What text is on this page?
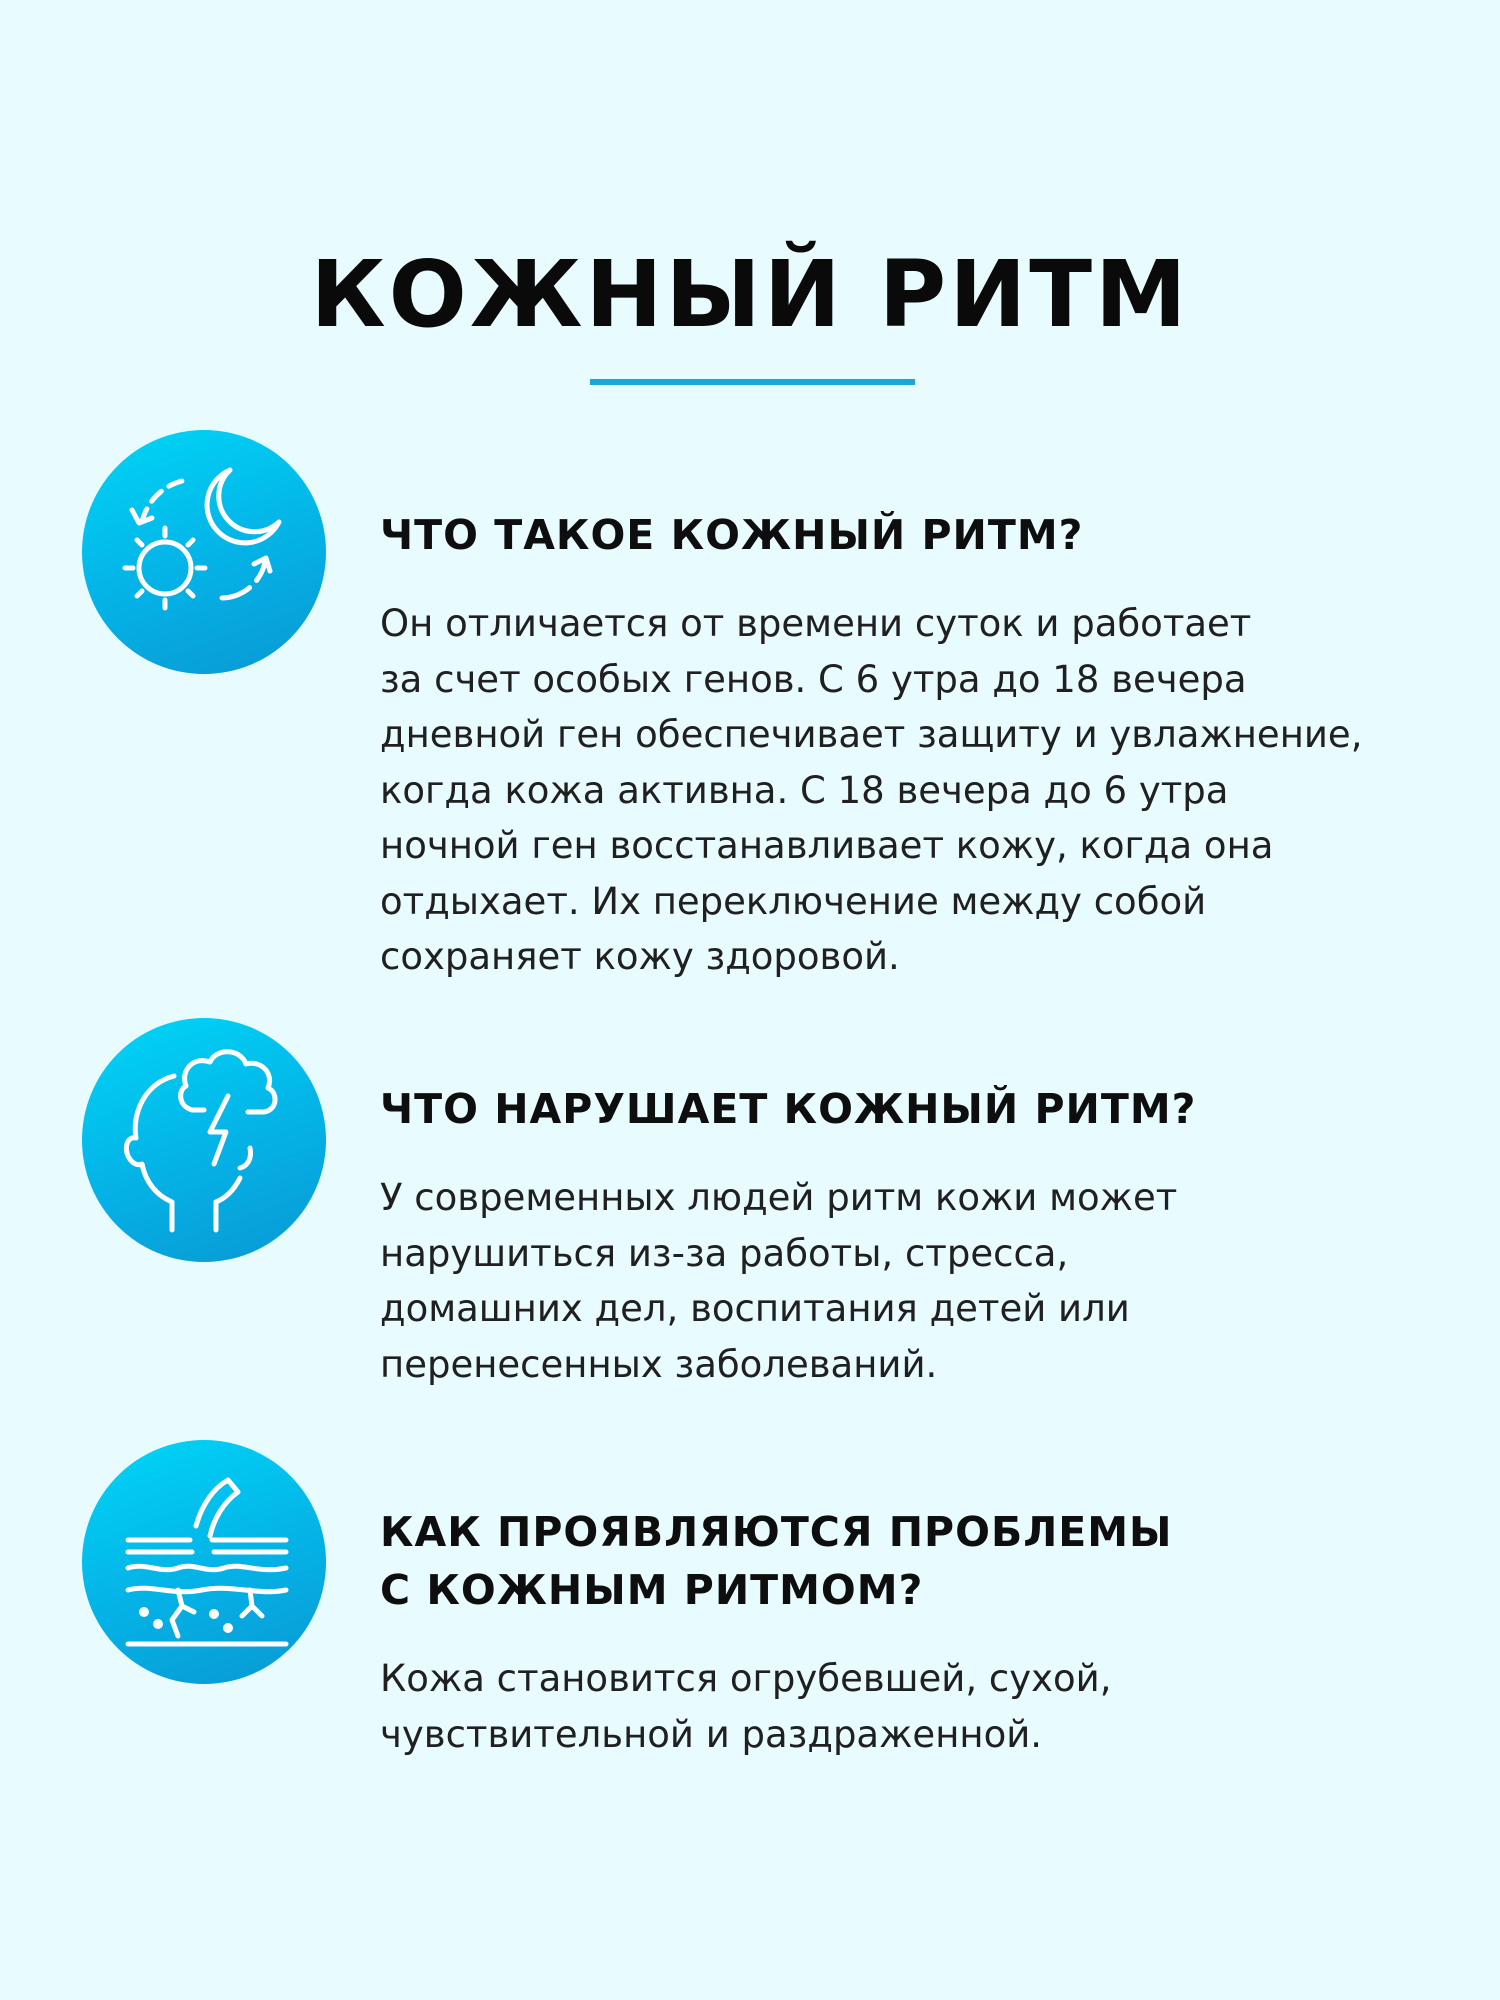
КОЖНЫЙ РИТМ
ЧТО ТАКОЕ КОЖНЫЙ РИТМ?

Он отличается от времени суток и работает
за счет особых генов. С 6 утра до 18 вечера
дневной ген обеспечивает защиту и увлажнение,
когда кожа активна. С 18 вечера до 6 утра
ночной ген восстанавливает кожу, когда она
отдыхает. Их переключение между собой
сохраняет кожу здоровой.

ЧТО НАРУШАЕТ КОЖНЫЙ РИТМ?

У современных людей ритм кожи может
нарушиться из-за работы, стресса,
домашних дел, воспитания детей или
перенесенных заболеваний.

КАК ПРОЯВЛЯЮТСЯ ПРОБЛЕМЫ
С КОЖНЫМ РИТМОМ?

Кожа становится огрубевшей, сухой,
чувствительной и раздраженной.
